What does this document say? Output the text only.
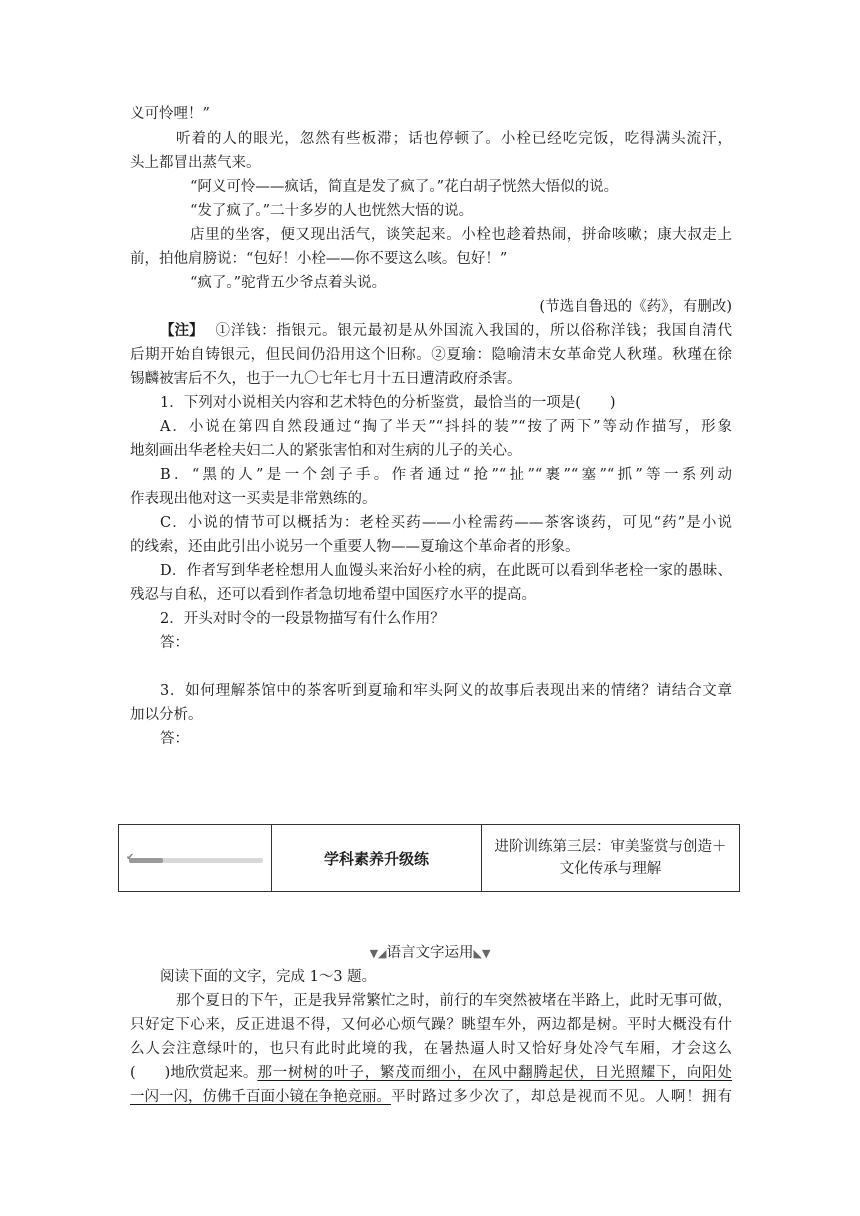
义可怜哩！”
听着的人的眼光，忽然有些板滞；话也停顿了。小栓已经吃完饭，吃得满头流汗，
头上都冒出蒸气来。
“阿义可怜——疯话，简直是发了疯了。”花白胡子恍然大悟似的说。
“发了疯了。”二十多岁的人也恍然大悟的说。
店里的坐客，便又现出活气，谈笑起来。小栓也趁着热闹，拼命咳嗽；康大叔走上
前，拍他肩膀说：“包好！小栓——你不要这么咳。包好！”
“疯了。”驼背五少爷点着头说。
(节选自鲁迅的《药》，有删改)
【注】 ①洋钱：指银元。银元最初是从外国流入我国的，所以俗称洋钱；我国自清代
后期开始自铸银元，但民间仍沿用这个旧称。②夏瑜：隐喻清末女革命党人秋瑾。秋瑾在徐
锡麟被害后不久，也于一九〇七年七月十五日遭清政府杀害。
1．下列对小说相关内容和艺术特色的分析鉴赏，最恰当的一项是(　　)
A．小说在第四自然段通过“掏了半天”“抖抖的装”“按了两下”等动作描写，形象
地刻画出华老栓夫妇二人的紧张害怕和对生病的儿子的关心。
B．“黑的人”是一个刽子手。作者通过“抢”“扯”“裹”“塞”“抓”等一系列动
作表现出他对这一买卖是非常熟练的。
C．小说的情节可以概括为：老栓买药——小栓需药——茶客谈药，可见“药”是小说
的线索，还由此引出小说另一个重要人物——夏瑜这个革命者的形象。
D．作者写到华老栓想用人血馒头来治好小栓的病，在此既可以看到华老栓一家的愚昧、
残忍与自私，还可以看到作者急切地希望中国医疗水平的提高。
2．开头对时令的一段景物描写有什么作用？
答：
3．如何理解茶馆中的茶客听到夏瑜和牢头阿义的故事后表现出来的情绪？请结合文章
加以分析。
答：
✔	学科素养升级练
进阶训练第三层：审美鉴赏与创造＋
文化传承与理解
▼◢语言文字运用◣▼
阅读下面的文字，完成 1～3 题。
那个夏日的下午，正是我异常繁忙之时，前行的车突然被堵在半路上，此时无事可做，
只好定下心来，反正进退不得，又何必心烦气躁？眺望车外，两边都是树。平时大概没有什
么人会注意绿叶的，也只有此时此境的我，在暑热逼人时又恰好身处冷气车厢，才会这么
(　　)地欣赏起来。 那一树树的叶子，繁茂而细小，在风中翻腾起伏，日光照耀下，向阳处
一闪一闪，仿佛千百面小镜在争艳竞丽。 平时路过多少次了，却总是视而不见。人啊！拥有
